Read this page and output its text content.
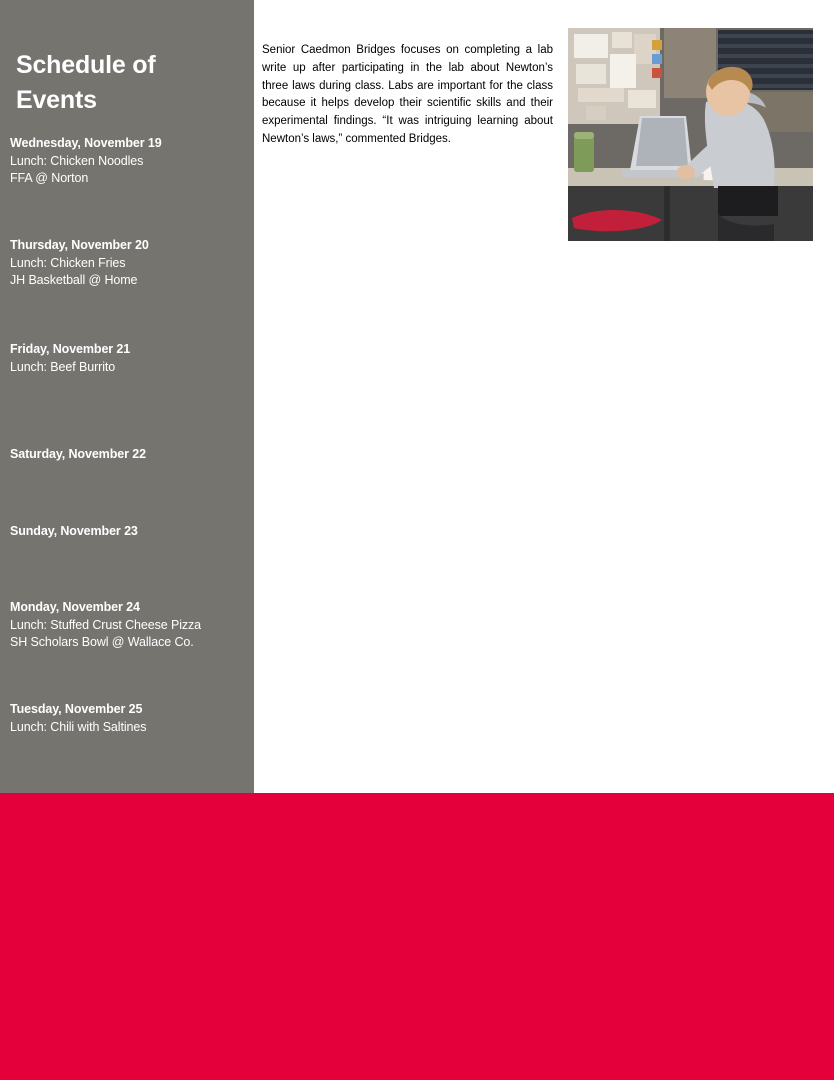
Schedule of Events
Wednesday, November 19
Lunch: Chicken Noodles
FFA @ Norton
Thursday, November 20
Lunch: Chicken Fries
JH Basketball @ Home
Friday, November 21
Lunch: Beef Burrito
Saturday, November 22
Sunday, November 23
Monday, November 24
Lunch: Stuffed Crust Cheese Pizza
SH Scholars Bowl @ Wallace Co.
Tuesday, November 25
Lunch: Chili with Saltines

Senior Caedmon Bridges focuses on completing a lab write up after participating in the lab about Newton’s three laws during class. Labs are important for the class because it helps develop their scientific skills and their experimental findings. “It was intriguing learning about Newton’s laws,” commented Bridges.
